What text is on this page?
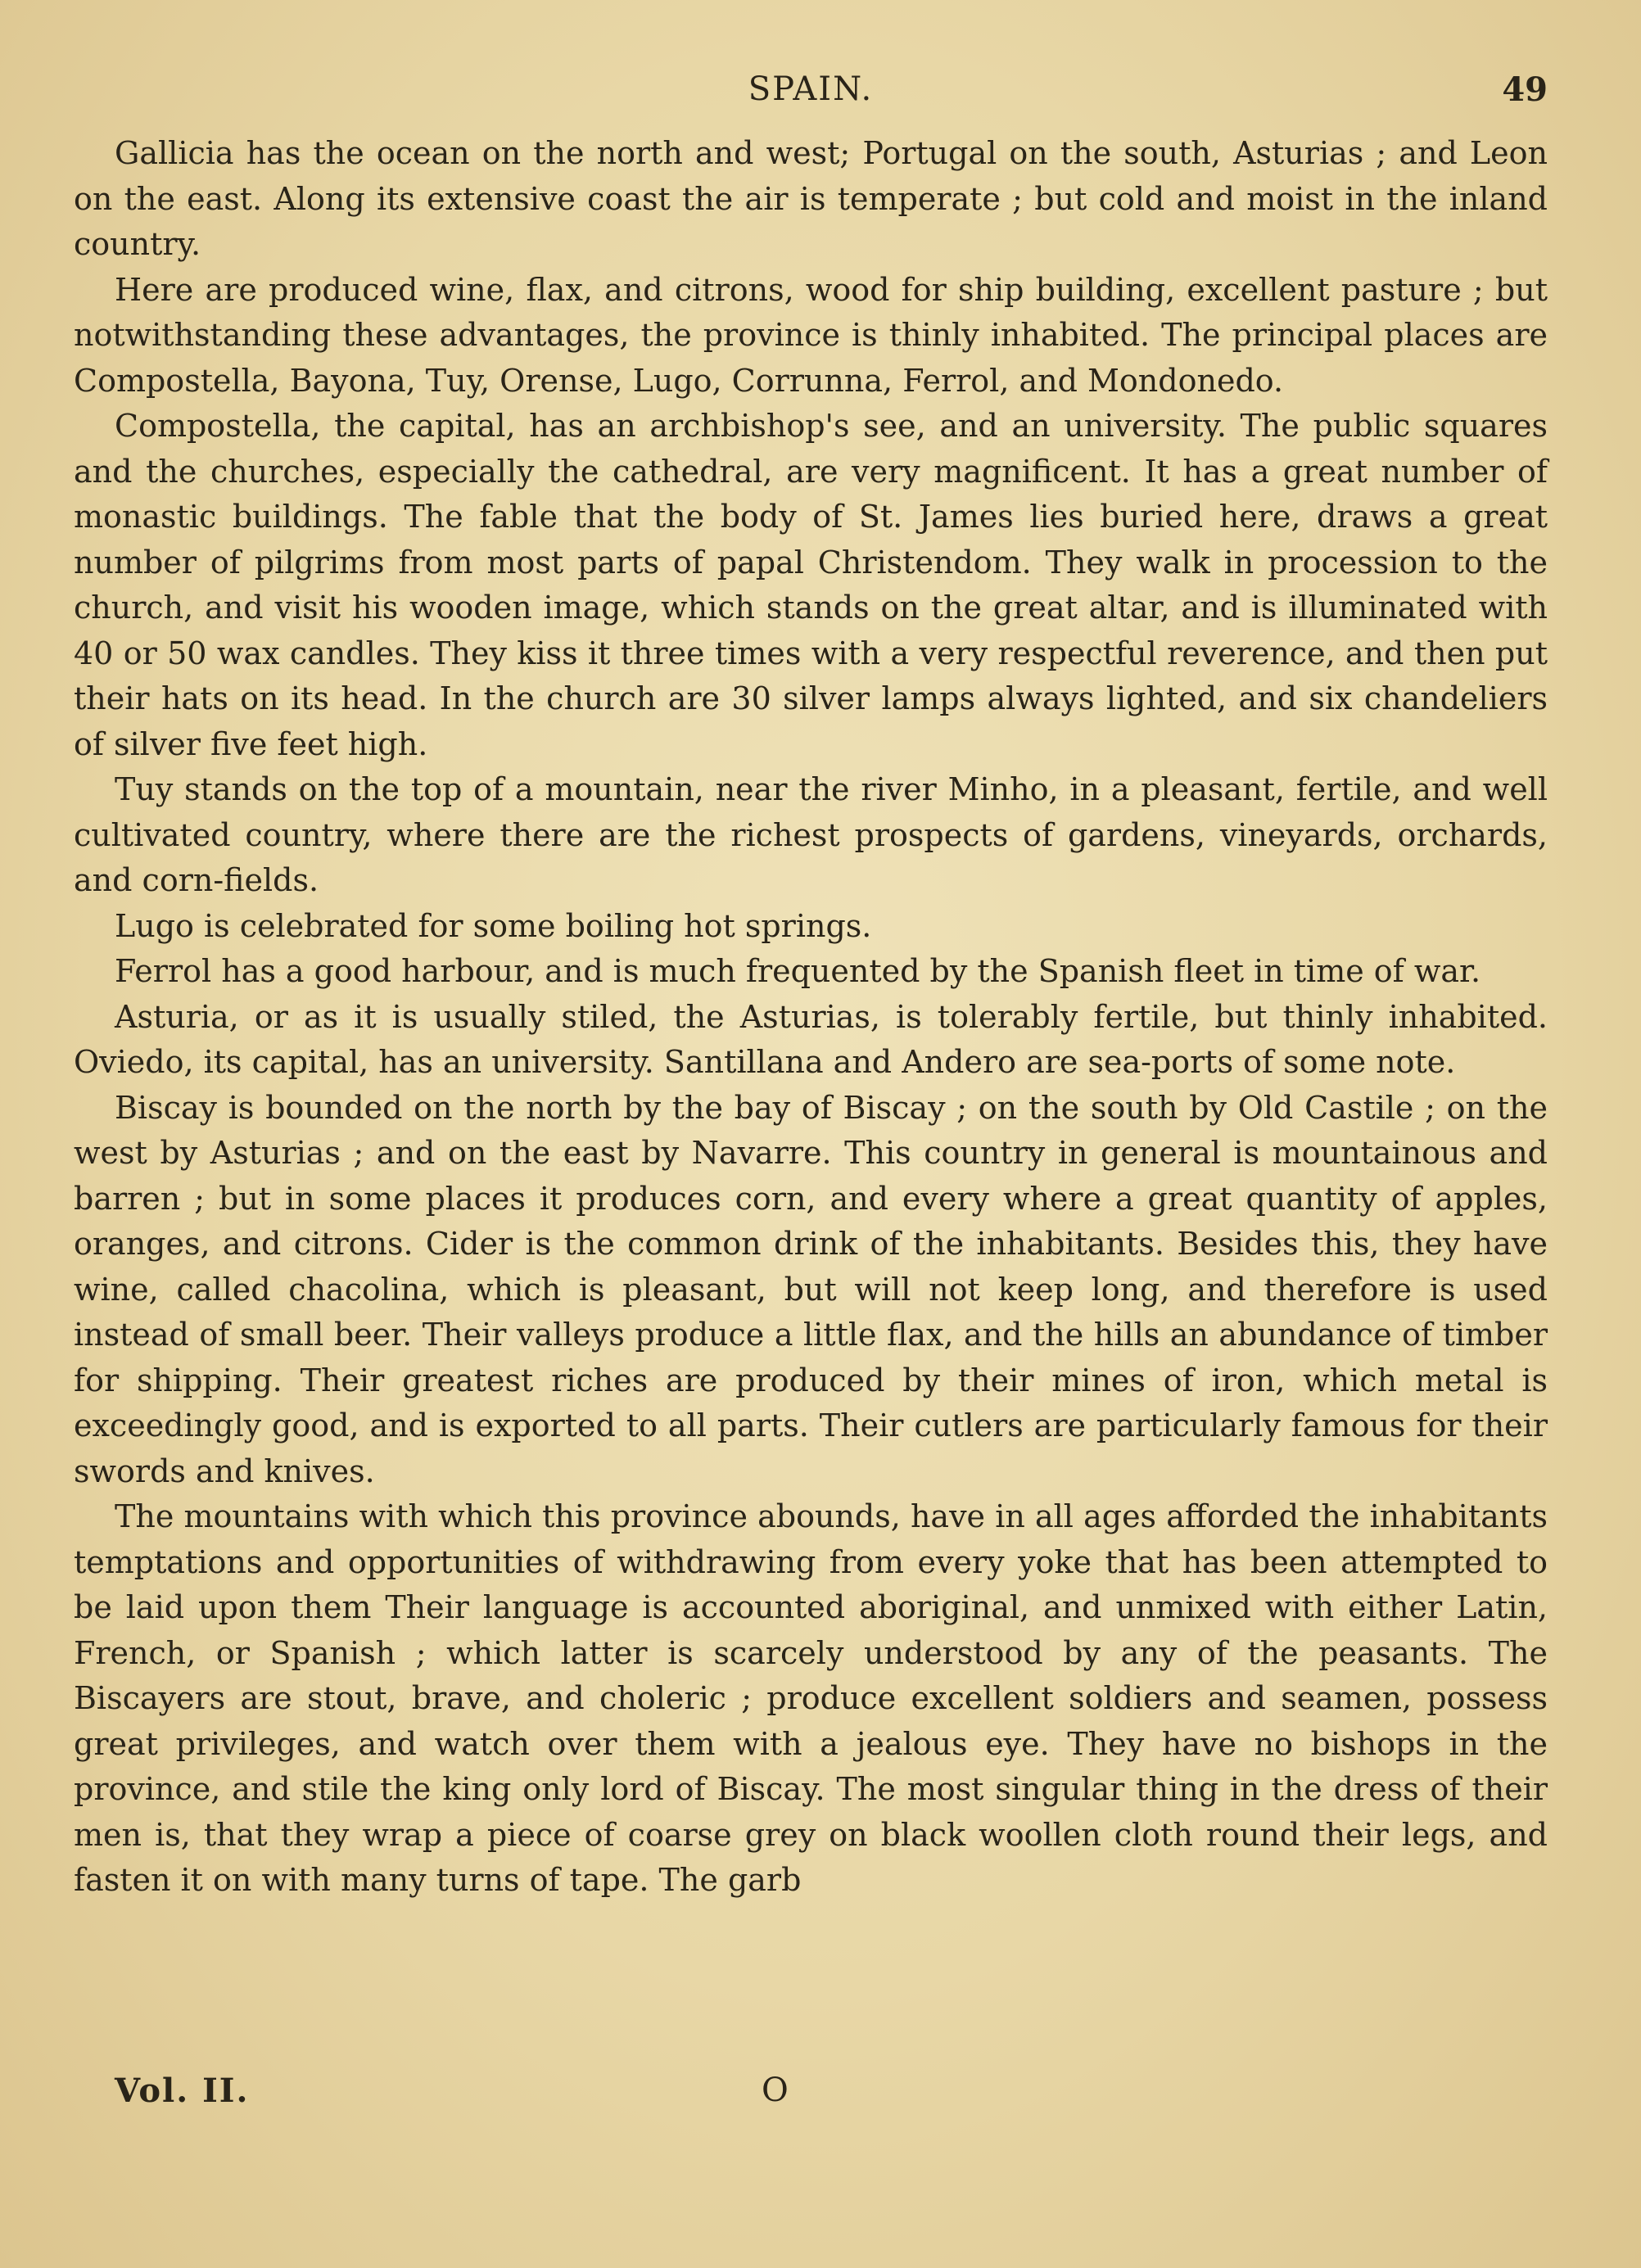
SPAIN.	49

Gallicia has the ocean on the north and west; Portugal on the south, Asturias ; and Leon on the east. Along its extensive coast the air is temperate ; but cold and moist in the inland country.

Here are produced wine, flax, and citrons, wood for ship building, excellent pasture ; but notwithstanding these advantages, the province is thinly inhabited. The principal places are Compostella, Bayona, Tuy, Orense, Lugo, Corrunna, Ferrol, and Mondonedo.

Compostella, the capital, has an archbishop's see, and an university. The public squares and the churches, especially the cathedral, are very magnificent. It has a great number of monastic buildings. The fable that the body of St. James lies buried here, draws a great number of pilgrims from most parts of papal Christendom. They walk in procession to the church, and visit his wooden image, which stands on the great altar, and is illuminated with 40 or 50 wax candles. They kiss it three times with a very respectful reverence, and then put their hats on its head. In the church are 30 silver lamps always lighted, and six chandeliers of silver five feet high.

Tuy stands on the top of a mountain, near the river Minho, in a pleasant, fertile, and well cultivated country, where there are the richest prospects of gardens, vineyards, orchards, and corn-fields.

Lugo is celebrated for some boiling hot springs.

Ferrol has a good harbour, and is much frequented by the Spanish fleet in time of war.

Asturia, or as it is usually stiled, the Asturias, is tolerably fertile, but thinly inhabited. Oviedo, its capital, has an university. Santillana and Andero are sea-ports of some note.

Biscay is bounded on the north by the bay of Biscay ; on the south by Old Castile ; on the west by Asturias ; and on the east by Navarre. This country in general is mountainous and barren ; but in some places it produces corn, and every where a great quantity of apples, oranges, and citrons. Cider is the common drink of the inhabitants. Besides this, they have wine, called chacolina, which is pleasant, but will not keep long, and therefore is used instead of small beer. Their valleys produce a little flax, and the hills an abundance of timber for shipping. Their greatest riches are produced by their mines of iron, which metal is exceedingly good, and is exported to all parts. Their cutlers are particularly famous for their swords and knives.

The mountains with which this province abounds, have in all ages afforded the inhabitants temptations and opportunities of withdrawing from every yoke that has been attempted to be laid upon them Their language is accounted aboriginal, and unmixed with either Latin, French, or Spanish ; which latter is scarcely understood by any of the peasants. The Biscayers are stout, brave, and choleric ; produce excellent soldiers and seamen, possess great privileges, and watch over them with a jealous eye. They have no bishops in the province, and stile the king only lord of Biscay. The most singular thing in the dress of their men is, that they wrap a piece of coarse grey on black woollen cloth round their legs, and fasten it on with many turns of tape. The garb

Vol. II.	O
